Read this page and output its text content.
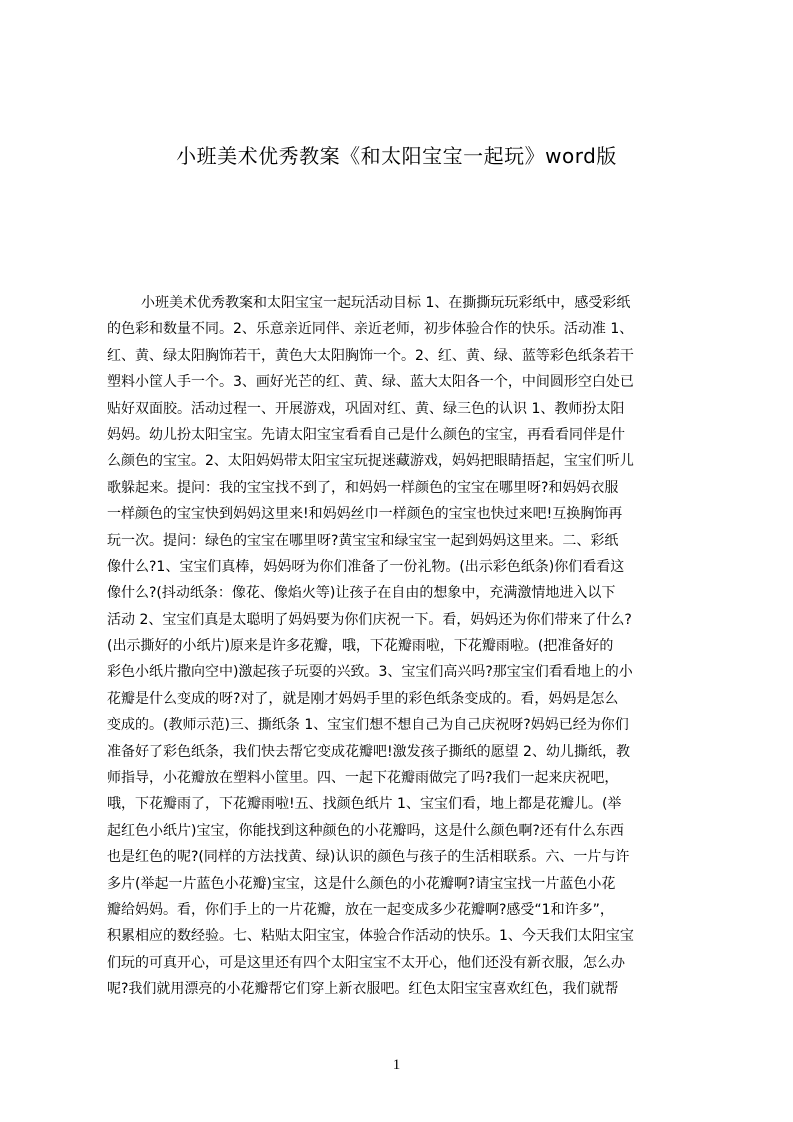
小班美术优秀教案《和太阳宝宝一起玩》word版
小班美术优秀教案和太阳宝宝一起玩活动目标 1、在撕撕玩玩彩纸中，感受彩纸
的色彩和数量不同。2、乐意亲近同伴、亲近老师，初步体验合作的快乐。活动准 1、
红、黄、绿太阳胸饰若干，黄色大太阳胸饰一个。2、红、黄、绿、蓝等彩色纸条若干
塑料小筐人手一个。3、画好光芒的红、黄、绿、蓝大太阳各一个，中间圆形空白处已
贴好双面胶。活动过程一、开展游戏，巩固对红、黄、绿三色的认识 1、教师扮太阳
妈妈。幼儿扮太阳宝宝。先请太阳宝宝看看自己是什么颜色的宝宝，再看看同伴是什
么颜色的宝宝。2、太阳妈妈带太阳宝宝玩捉迷藏游戏，妈妈把眼睛捂起，宝宝们听儿
歌躲起来。提问：我的宝宝找不到了，和妈妈一样颜色的宝宝在哪里呀?和妈妈衣服
一样颜色的宝宝快到妈妈这里来!和妈妈丝巾一样颜色的宝宝也快过来吧!互换胸饰再
玩一次。提问：绿色的宝宝在哪里呀?黄宝宝和绿宝宝一起到妈妈这里来。二、彩纸
像什么?1、宝宝们真棒，妈妈呀为你们准备了一份礼物。(出示彩色纸条)你们看看这
像什么?(抖动纸条：像花、像焰火等)让孩子在自由的想象中，充满激情地进入以下
活动 2、宝宝们真是太聪明了妈妈要为你们庆祝一下。看，妈妈还为你们带来了什么?
(出示撕好的小纸片)原来是许多花瓣，哦，下花瓣雨啦，下花瓣雨啦。(把准备好的
彩色小纸片撒向空中)激起孩子玩耍的兴致。3、宝宝们高兴吗?那宝宝们看看地上的小
花瓣是什么变成的呀?对了，就是刚才妈妈手里的彩色纸条变成的。看，妈妈是怎么
变成的。(教师示范)三、撕纸条 1、宝宝们想不想自己为自己庆祝呀?妈妈已经为你们
准备好了彩色纸条，我们快去帮它变成花瓣吧!激发孩子撕纸的愿望 2、幼儿撕纸，教
师指导，小花瓣放在塑料小筐里。四、一起下花瓣雨做完了吗?我们一起来庆祝吧，
哦，下花瓣雨了，下花瓣雨啦!五、找颜色纸片 1、宝宝们看，地上都是花瓣儿。(举
起红色小纸片)宝宝，你能找到这种颜色的小花瓣吗，这是什么颜色啊?还有什么东西
也是红色的呢?(同样的方法找黄、绿)认识的颜色与孩子的生活相联系。六、一片与许
多片(举起一片蓝色小花瓣)宝宝，这是什么颜色的小花瓣啊?请宝宝找一片蓝色小花
瓣给妈妈。看，你们手上的一片花瓣，放在一起变成多少花瓣啊?感受“1和许多”，
积累相应的数经验。七、粘贴太阳宝宝，体验合作活动的快乐。1、今天我们太阳宝宝
们玩的可真开心，可是这里还有四个太阳宝宝不太开心，他们还没有新衣服，怎么办
呢?我们就用漂亮的小花瓣帮它们穿上新衣服吧。红色太阳宝宝喜欢红色，我们就帮
1
